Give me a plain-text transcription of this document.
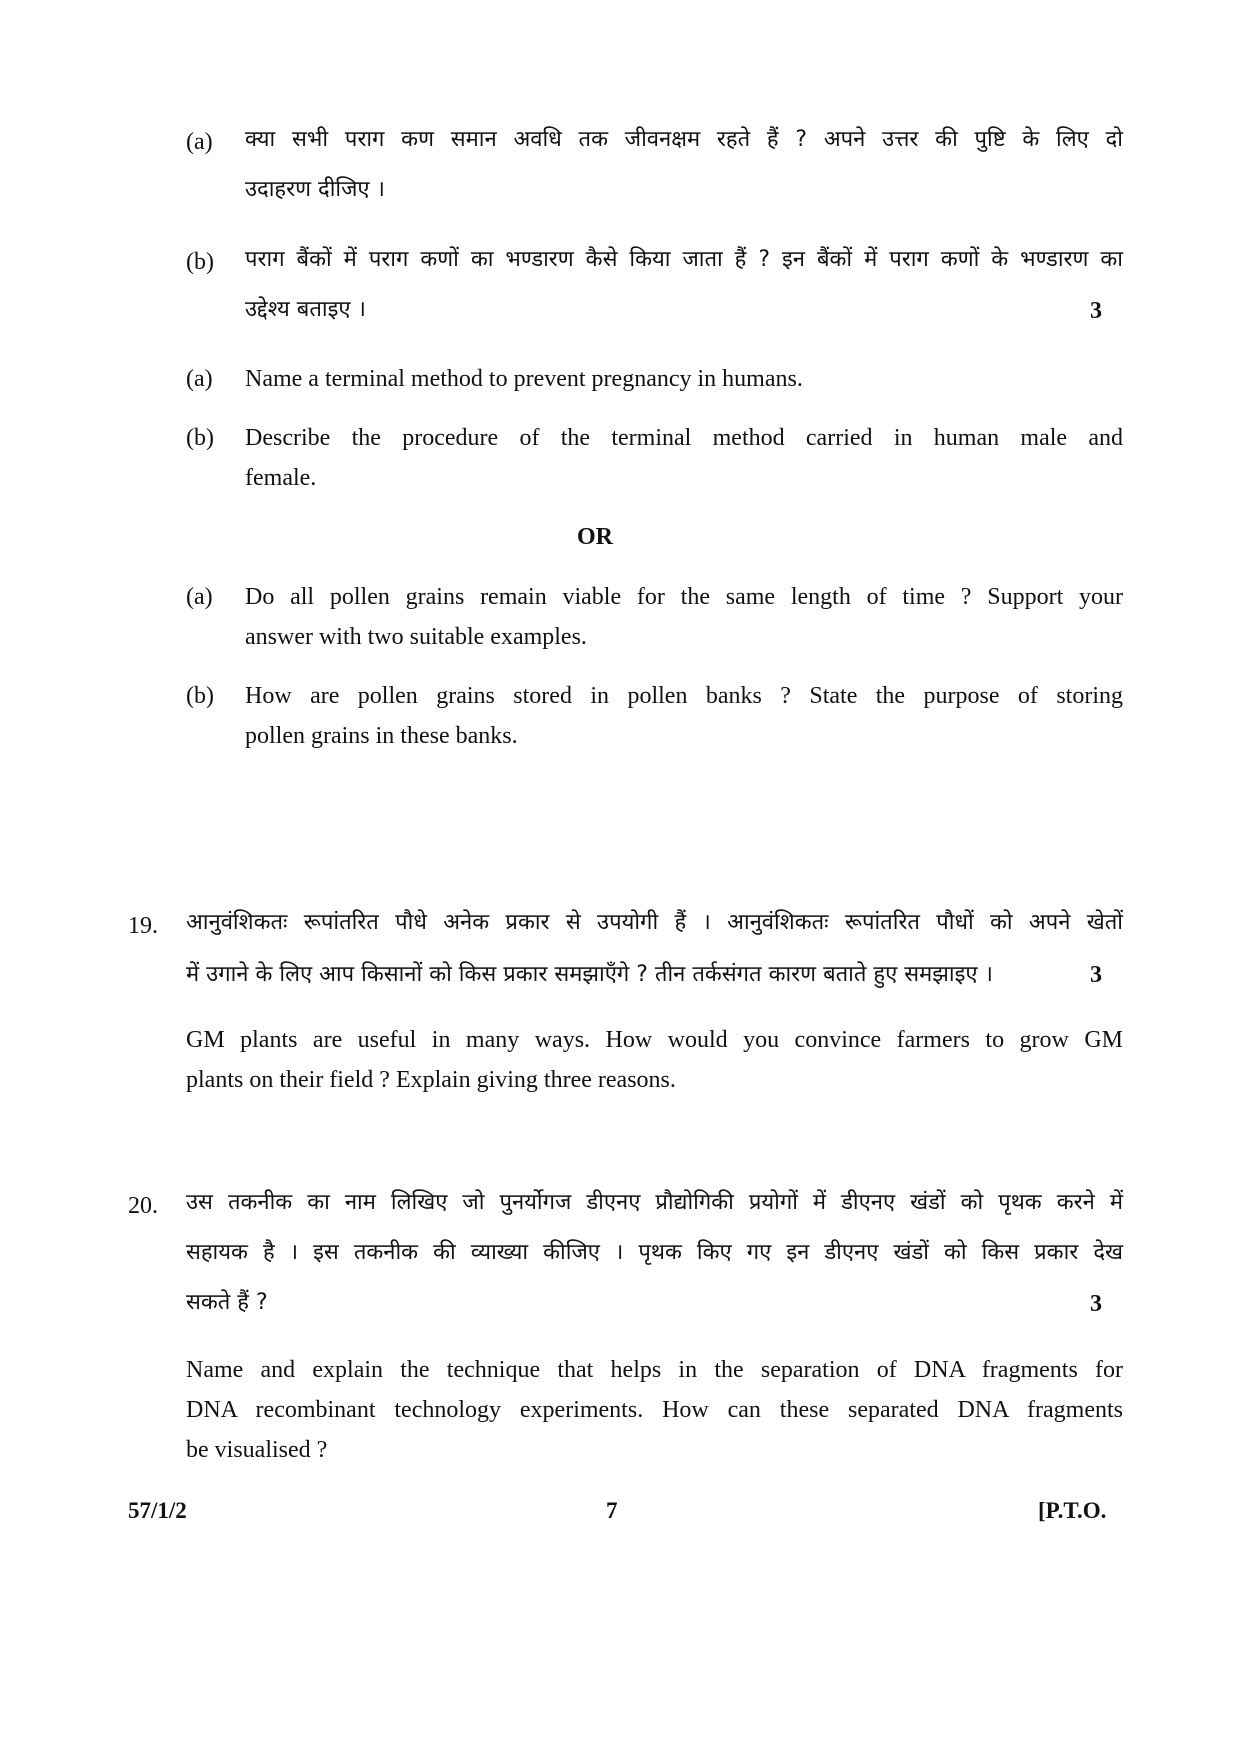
(a) क्या सभी पराग कण समान अवधि तक जीवनक्षम रहते हैं ? अपने उत्तर की पुष्टि के लिए दो
उदाहरण दीजिए ।
(b) पराग बैंकों में पराग कणों का भण्डारण कैसे किया जाता हैं ? इन बैंकों में पराग कणों के भण्डारण का
उद्देश्य बताइए ।	3
(a) Name a terminal method to prevent pregnancy in humans.
(b) Describe the procedure of the terminal method carried in human male and
female.
OR
(a) Do all pollen grains remain viable for the same length of time ? Support your
answer with two suitable examples.
(b) How are pollen grains stored in pollen banks ? State the purpose of storing
pollen grains in these banks.
19. आनुवंशिकतः रूपांतरित पौधे अनेक प्रकार से उपयोगी हैं । आनुवंशिकतः रूपांतरित पौधों को अपने खेतों
में उगाने के लिए आप किसानों को किस प्रकार समझाएँगे ? तीन तर्कसंगत कारण बताते हुए समझाइए ।	3
GM plants are useful in many ways. How would you convince farmers to grow GM
plants on their field ? Explain giving three reasons.
20. उस तकनीक का नाम लिखिए जो पुनर्योगज डीएनए प्रौद्योगिकी प्रयोगों में डीएनए खंडों को पृथक करने में
सहायक है । इस तकनीक की व्याख्या कीजिए । पृथक किए गए इन डीएनए खंडों को किस प्रकार देख
सकते हैं ?	3
Name and explain the technique that helps in the separation of DNA fragments for
DNA recombinant technology experiments. How can these separated DNA fragments
be visualised ?
57/1/2	7	[P.T.O.
